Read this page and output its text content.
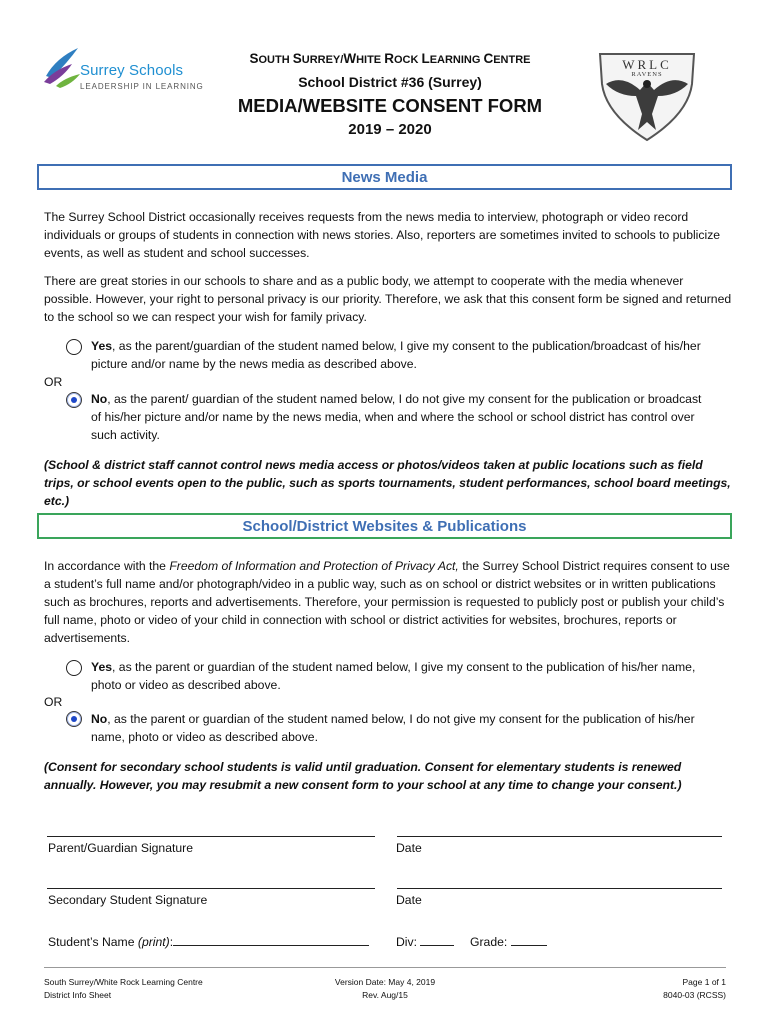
Surrey Schools
LEADERSHIP IN LEARNING
SOUTH SURREY/WHITE ROCK LEARNING CENTRE
School District #36 (Surrey)
MEDIA/WEBSITE CONSENT FORM
2019 – 2020
WRLC
RAVENS
News Media

The Surrey School District occasionally receives requests from the news media to interview, photograph or video record individuals or groups of students in connection with news stories. Also, reporters are sometimes invited to schools to publicize events, as well as student and school successes.

There are great stories in our schools to share and as a public body, we attempt to cooperate with the media whenever possible. However, your right to personal privacy is our priority. Therefore, we ask that this consent form be signed and returned to the school so we can respect your wish for family privacy.

Yes, as the parent/guardian of the student named below, I give my consent to the publication/broadcast of his/her picture and/or name by the news media as described above.

OR

No, as the parent/ guardian of the student named below, I do not give my consent for the publication or broadcast of his/her picture and/or name by the news media, when and where the school or school district has control over such activity.

(School & district staff cannot control news media access or photos/videos taken at public locations such as field trips, or school events open to the public, such as sports tournaments, student performances, school board meetings, etc.)

School/District Websites & Publications

In accordance with the Freedom of Information and Protection of Privacy Act, the Surrey School District requires consent to use a student’s full name and/or photograph/video in a public way, such as on school or district websites or in written publications such as brochures, reports and advertisements. Therefore, your permission is requested to publicly post or publish your child’s full name, photo or video of your child in connection with school or district activities for websites, brochures, reports or advertisements.

Yes, as the parent or guardian of the student named below, I give my consent to the publication of his/her name, photo or video as described above.

OR

No, as the parent or guardian of the student named below, I do not give my consent for the publication of his/her name, photo or video as described above.

(Consent for secondary school students is valid until graduation. Consent for elementary students is renewed annually. However, you may resubmit a new consent form to your school at any time to change your consent.)

Parent/Guardian Signature	Date
Secondary Student Signature	Date
Student’s Name (print):	Div:	Grade:
South Surrey/White Rock Learning Centre
District Info Sheet
Version Date: May 4, 2019
Rev. Aug/15
Page 1 of 1
8040-03 (RCSS)
